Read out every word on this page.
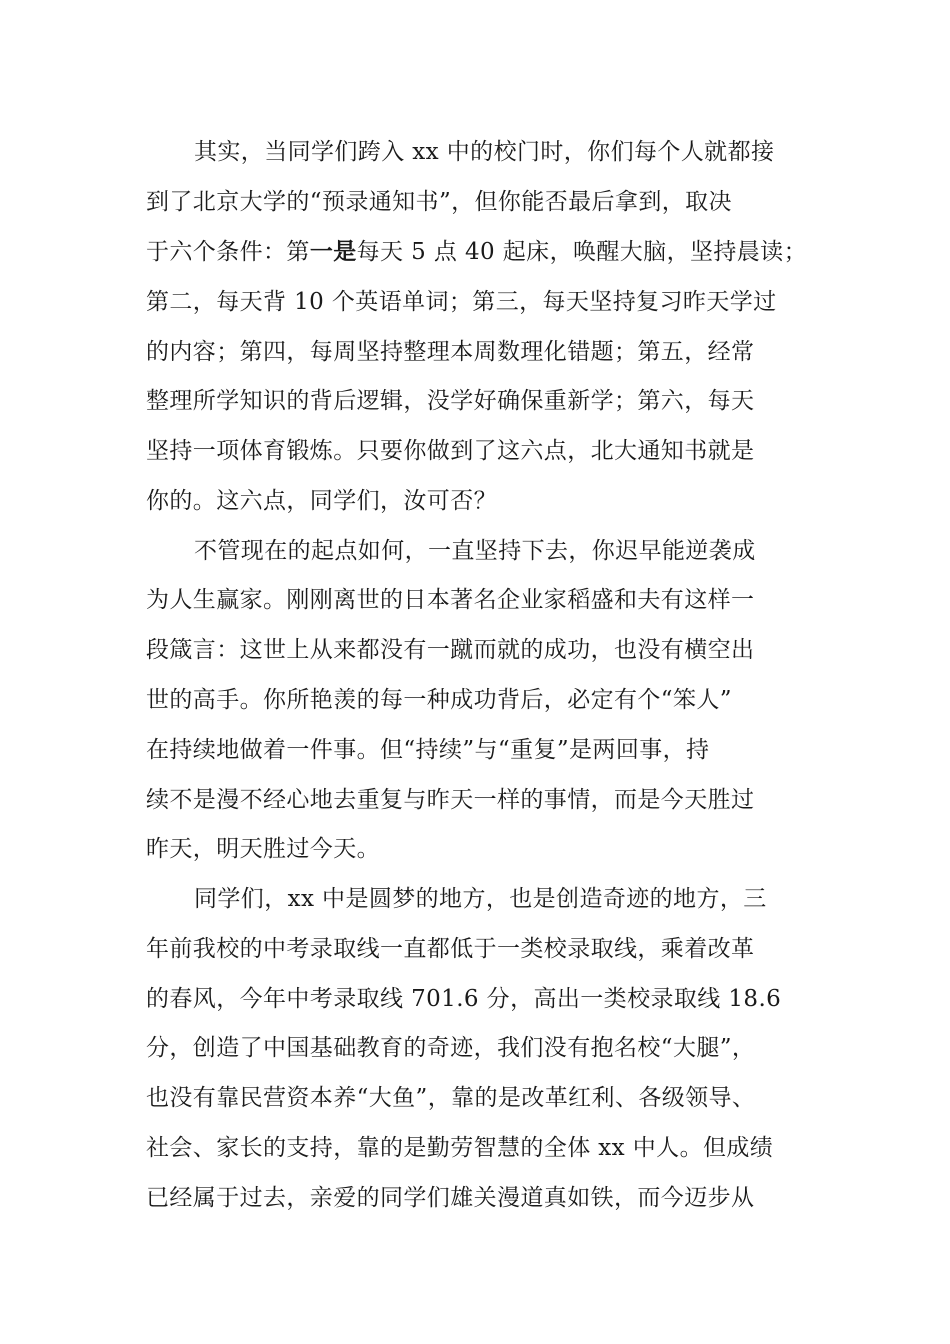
其实，当同学们跨入 xx 中的校门时，你们每个人就都接
到了北京大学的“预录通知书”，但你能否最后拿到，取决
于六个条件：第一是每天 5 点 40 起床，唤醒大脑，坚持晨读；
第二，每天背 10 个英语单词；第三，每天坚持复习昨天学过
的内容；第四，每周坚持整理本周数理化错题；第五，经常
整理所学知识的背后逻辑，没学好确保重新学；第六，每天
坚持一项体育锻炼。只要你做到了这六点，北大通知书就是
你的。这六点，同学们，汝可否？
不管现在的起点如何，一直坚持下去，你迟早能逆袭成
为人生赢家。刚刚离世的日本著名企业家稻盛和夫有这样一
段箴言：这世上从来都没有一蹴而就的成功，也没有横空出
世的高手。你所艳羡的每一种成功背后，必定有个“笨人”
在持续地做着一件事。但“持续”与“重复”是两回事，持
续不是漫不经心地去重复与昨天一样的事情，而是今天胜过
昨天，明天胜过今天。
同学们，xx 中是圆梦的地方，也是创造奇迹的地方，三
年前我校的中考录取线一直都低于一类校录取线，乘着改革
的春风，今年中考录取线 701.6 分，高出一类校录取线 18.6
分，创造了中国基础教育的奇迹，我们没有抱名校“大腿”，
也没有靠民营资本养“大鱼”，靠的是改革红利、各级领导、
社会、家长的支持，靠的是勤劳智慧的全体 xx 中人。但成绩
已经属于过去，亲爱的同学们雄关漫道真如铁，而今迈步从
